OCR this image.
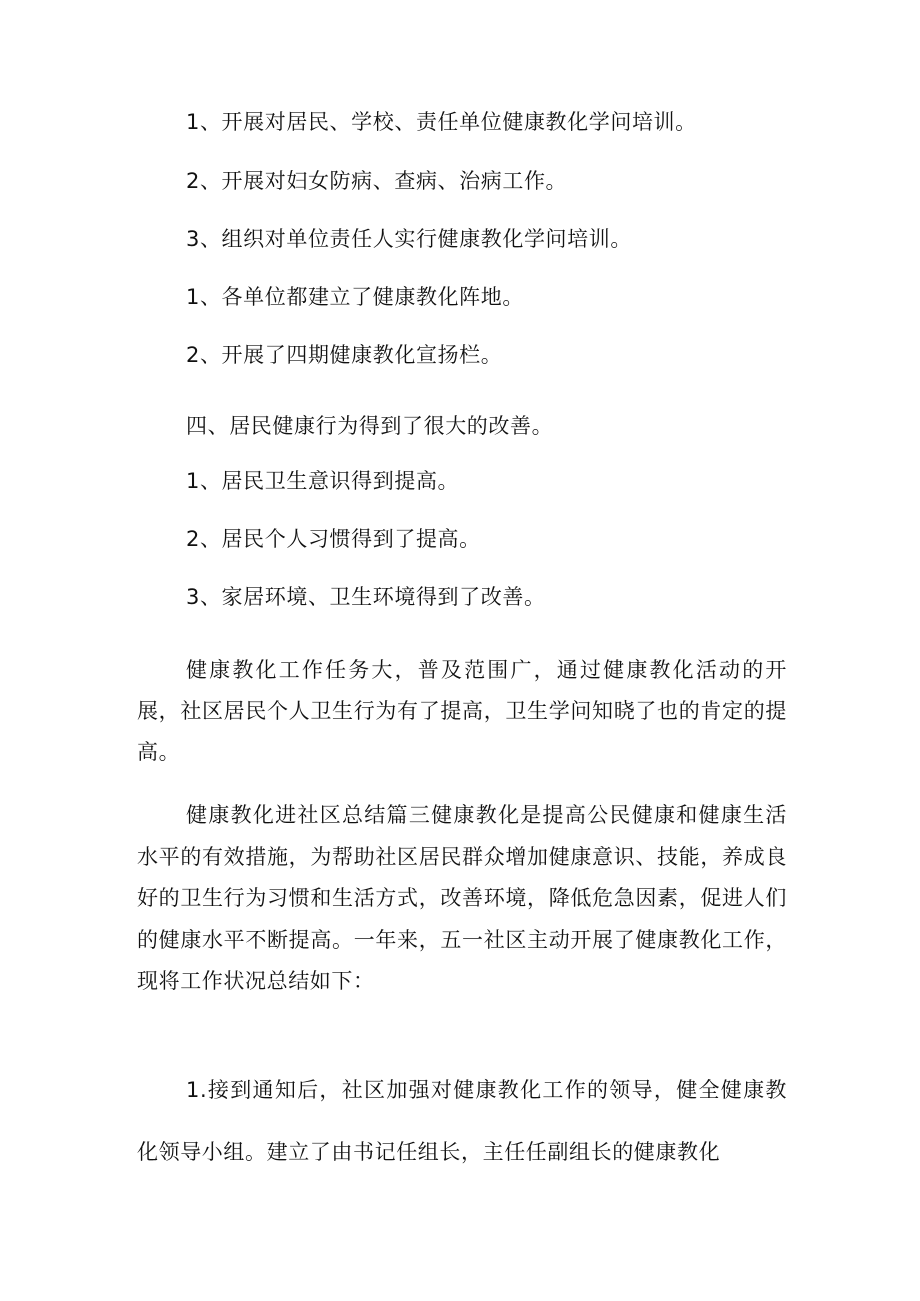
1、开展对居民、学校、责任单位健康教化学问培训。

2、开展对妇女防病、查病、治病工作。

3、组织对单位责任人实行健康教化学问培训。

1、各单位都建立了健康教化阵地。

2、开展了四期健康教化宣扬栏。

四、居民健康行为得到了很大的改善。

1、居民卫生意识得到提高。

2、居民个人习惯得到了提高。

3、家居环境、卫生环境得到了改善。

健康教化工作任务大，普及范围广，通过健康教化活动的开展，社区居民个人卫生行为有了提高，卫生学问知晓了也的肯定的提高。

健康教化进社区总结篇三健康教化是提高公民健康和健康生活水平的有效措施，为帮助社区居民群众增加健康意识、技能，养成良好的卫生行为习惯和生活方式，改善环境，降低危急因素，促进人们的健康水平不断提高。一年来，五一社区主动开展了健康教化工作，现将工作状况总结如下：

1.接到通知后，社区加强对健康教化工作的领导，健全健康教化领导小组。建立了由书记任组长，主任任副组长的健康教化
